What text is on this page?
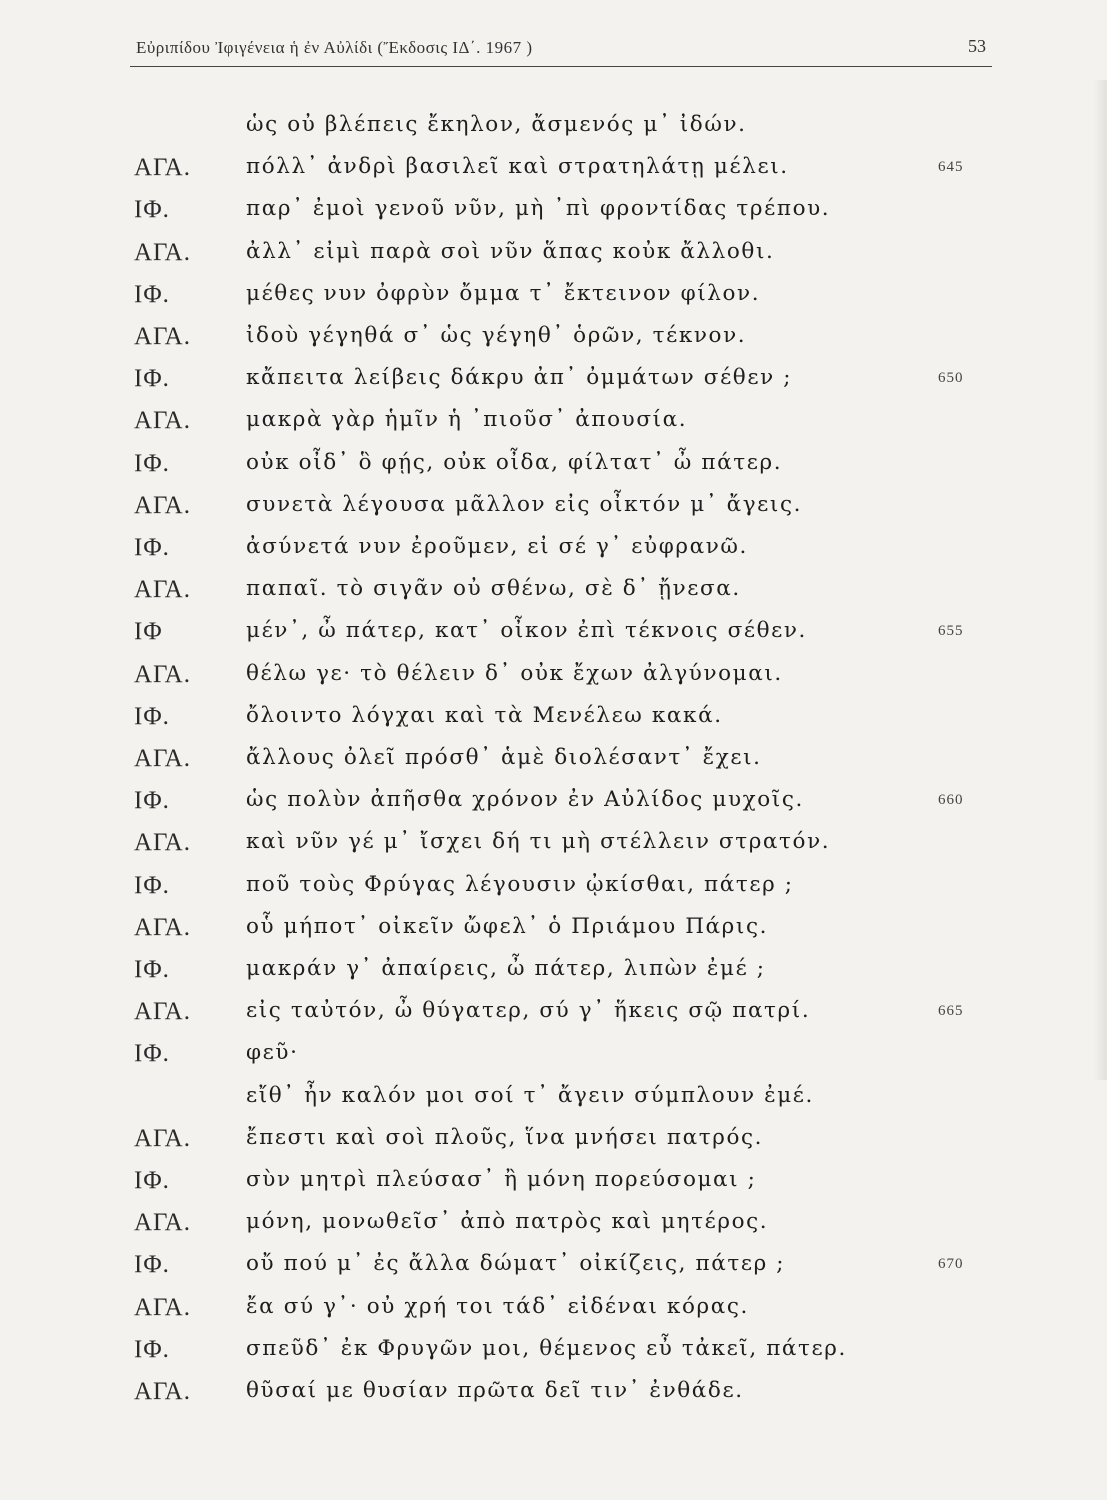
Εὐριπίδου Ἰφιγένεια ἡ ἐν Αὐλίδι (Ἔκδοσις ΙΔ΄. 1967 )	53
ὡς οὐ βλέπεις ἔκηλον, ἄσμενός μ᾿ ἰδών.
ΑΓΑ.	πόλλ᾿ ἀνδρὶ βασιλεῖ καὶ στρατηλάτῃ μέλει.	645
ΙΦ.	παρ᾿ ἐμοὶ γενοῦ νῦν, μὴ ᾿πὶ φροντίδας τρέπου.
ΑΓΑ.	ἀλλ᾿ εἰμὶ παρὰ σοὶ νῦν ἅπας κοὐκ ἄλλοθι.
ΙΦ.	μέθες νυν ὀφρὺν ὄμμα τ᾿ ἔκτεινον φίλον.
ΑΓΑ.	ἰδοὺ γέγηθά σ᾿ ὡς γέγηθ᾿ ὁρῶν, τέκνον.
ΙΦ.	κἄπειτα λείβεις δάκρυ ἀπ᾿ ὀμμάτων σέθεν ;	650
ΑΓΑ.	μακρὰ γὰρ ἡμῖν ἡ ᾿πιοῦσ᾿ ἀπουσία.
ΙΦ.	οὐκ οἶδ᾿ ὃ φῄς, οὐκ οἶδα, φίλτατ᾿ ὦ πάτερ.
ΑΓΑ.	συνετὰ λέγουσα μᾶλλον εἰς οἶκτόν μ᾿ ἄγεις.
ΙΦ.	ἀσύνετά νυν ἐροῦμεν, εἰ σέ γ᾿ εὐφρανῶ.
ΑΓΑ.	παπαῖ. τὸ σιγᾶν οὐ σθένω, σὲ δ᾿ ᾔνεσα.
ΙΦ	μέν᾿, ὦ πάτερ, κατ᾿ οἶκον ἐπὶ τέκνοις σέθεν.	655
ΑΓΑ.	θέλω γε· τὸ θέλειν δ᾿ οὐκ ἔχων ἀλγύνομαι.
ΙΦ.	ὄλοιντο λόγχαι καὶ τὰ Μενέλεω κακά.
ΑΓΑ.	ἄλλους ὀλεῖ πρόσθ᾿ ἁμὲ διολέσαντ᾿ ἔχει.
ΙΦ.	ὡς πολὺν ἀπῆσθα χρόνον ἐν Αὐλίδος μυχοῖς.	660
ΑΓΑ.	καὶ νῦν γέ μ᾿ ἴσχει δή τι μὴ στέλλειν στρατόν.
ΙΦ.	ποῦ τοὺς Φρύγας λέγουσιν ᾠκίσθαι, πάτερ ;
ΑΓΑ.	οὗ μήποτ᾿ οἰκεῖν ὤφελ᾿ ὁ Πριάμου Πάρις.
ΙΦ.	μακράν γ᾿ ἀπαίρεις, ὦ πάτερ, λιπὼν ἐμέ ;
ΑΓΑ.	εἰς ταὐτόν, ὦ θύγατερ, σύ γ᾿ ἥκεις σῷ πατρί.	665
ΙΦ.	φεῦ·
εἴθ᾿ ἦν καλόν μοι σοί τ᾿ ἄγειν σύμπλουν ἐμέ.
ΑΓΑ.	ἔπεστι καὶ σοὶ πλοῦς, ἵνα μνήσει πατρός.
ΙΦ.	σὺν μητρὶ πλεύσασ᾿ ἢ μόνη πορεύσομαι ;
ΑΓΑ.	μόνη, μονωθεῖσ᾿ ἀπὸ πατρὸς καὶ μητέρος.
ΙΦ.	οὔ πού μ᾿ ἐς ἄλλα δώματ᾿ οἰκίζεις, πάτερ ;	670
ΑΓΑ.	ἔα σύ γ᾿· οὐ χρή τοι τάδ᾿ εἰδέναι κόρας.
ΙΦ.	σπεῦδ᾿ ἐκ Φρυγῶν μοι, θέμενος εὖ τἀκεῖ, πάτερ.
ΑΓΑ.	θῦσαί με θυσίαν πρῶτα δεῖ τιν᾿ ἐνθάδε.
